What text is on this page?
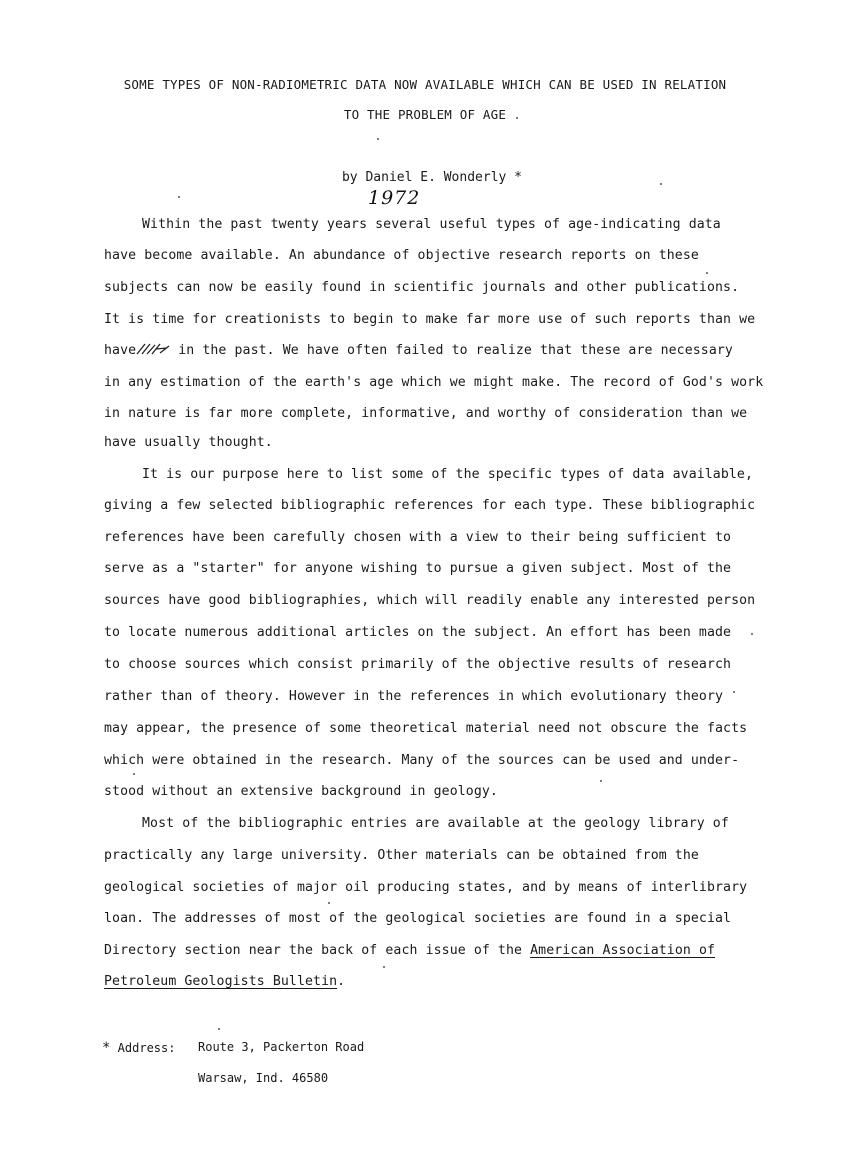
SOME TYPES OF NON-RADIOMETRIC DATA NOW AVAILABLE WHICH CAN BE USED IN RELATION
TO THE PROBLEM OF AGE
by Daniel E. Wonderly *
1972
Within the past twenty years several useful types of age-indicating data
have become available. An abundance of objective research reports on these
subjects can now be easily found in scientific journals and other publications.
It is time for creationists to begin to make far more use of such reports than we
have	in the past. We have often failed to realize that these are necessary
in any estimation of the earth's age which we might make. The record of God's work
in nature is far more complete, informative, and worthy of consideration than we
have usually thought.
It is our purpose here to list some of the specific types of data available,
giving a few selected bibliographic references for each type. These bibliographic
references have been carefully chosen with a view to their being sufficient to
serve as a "starter" for anyone wishing to pursue a given subject. Most of the
sources have good bibliographies, which will readily enable any interested person
to locate numerous additional articles on the subject. An effort has been made
to choose sources which consist primarily of the objective results of research
rather than of theory. However in the references in which evolutionary theory
may appear, the presence of some theoretical material need not obscure the facts
which were obtained in the research. Many of the sources can be used and under-
stood without an extensive background in geology.
Most of the bibliographic entries are available at the geology library of
practically any large university. Other materials can be obtained from the
geological societies of major oil producing states, and by means of interlibrary
loan. The addresses of most of the geological societies are found in a special
Directory section near the back of each issue of the American Association of
Petroleum Geologists Bulletin.
* Address: Route 3, Packerton Road
Warsaw, Ind. 46580
